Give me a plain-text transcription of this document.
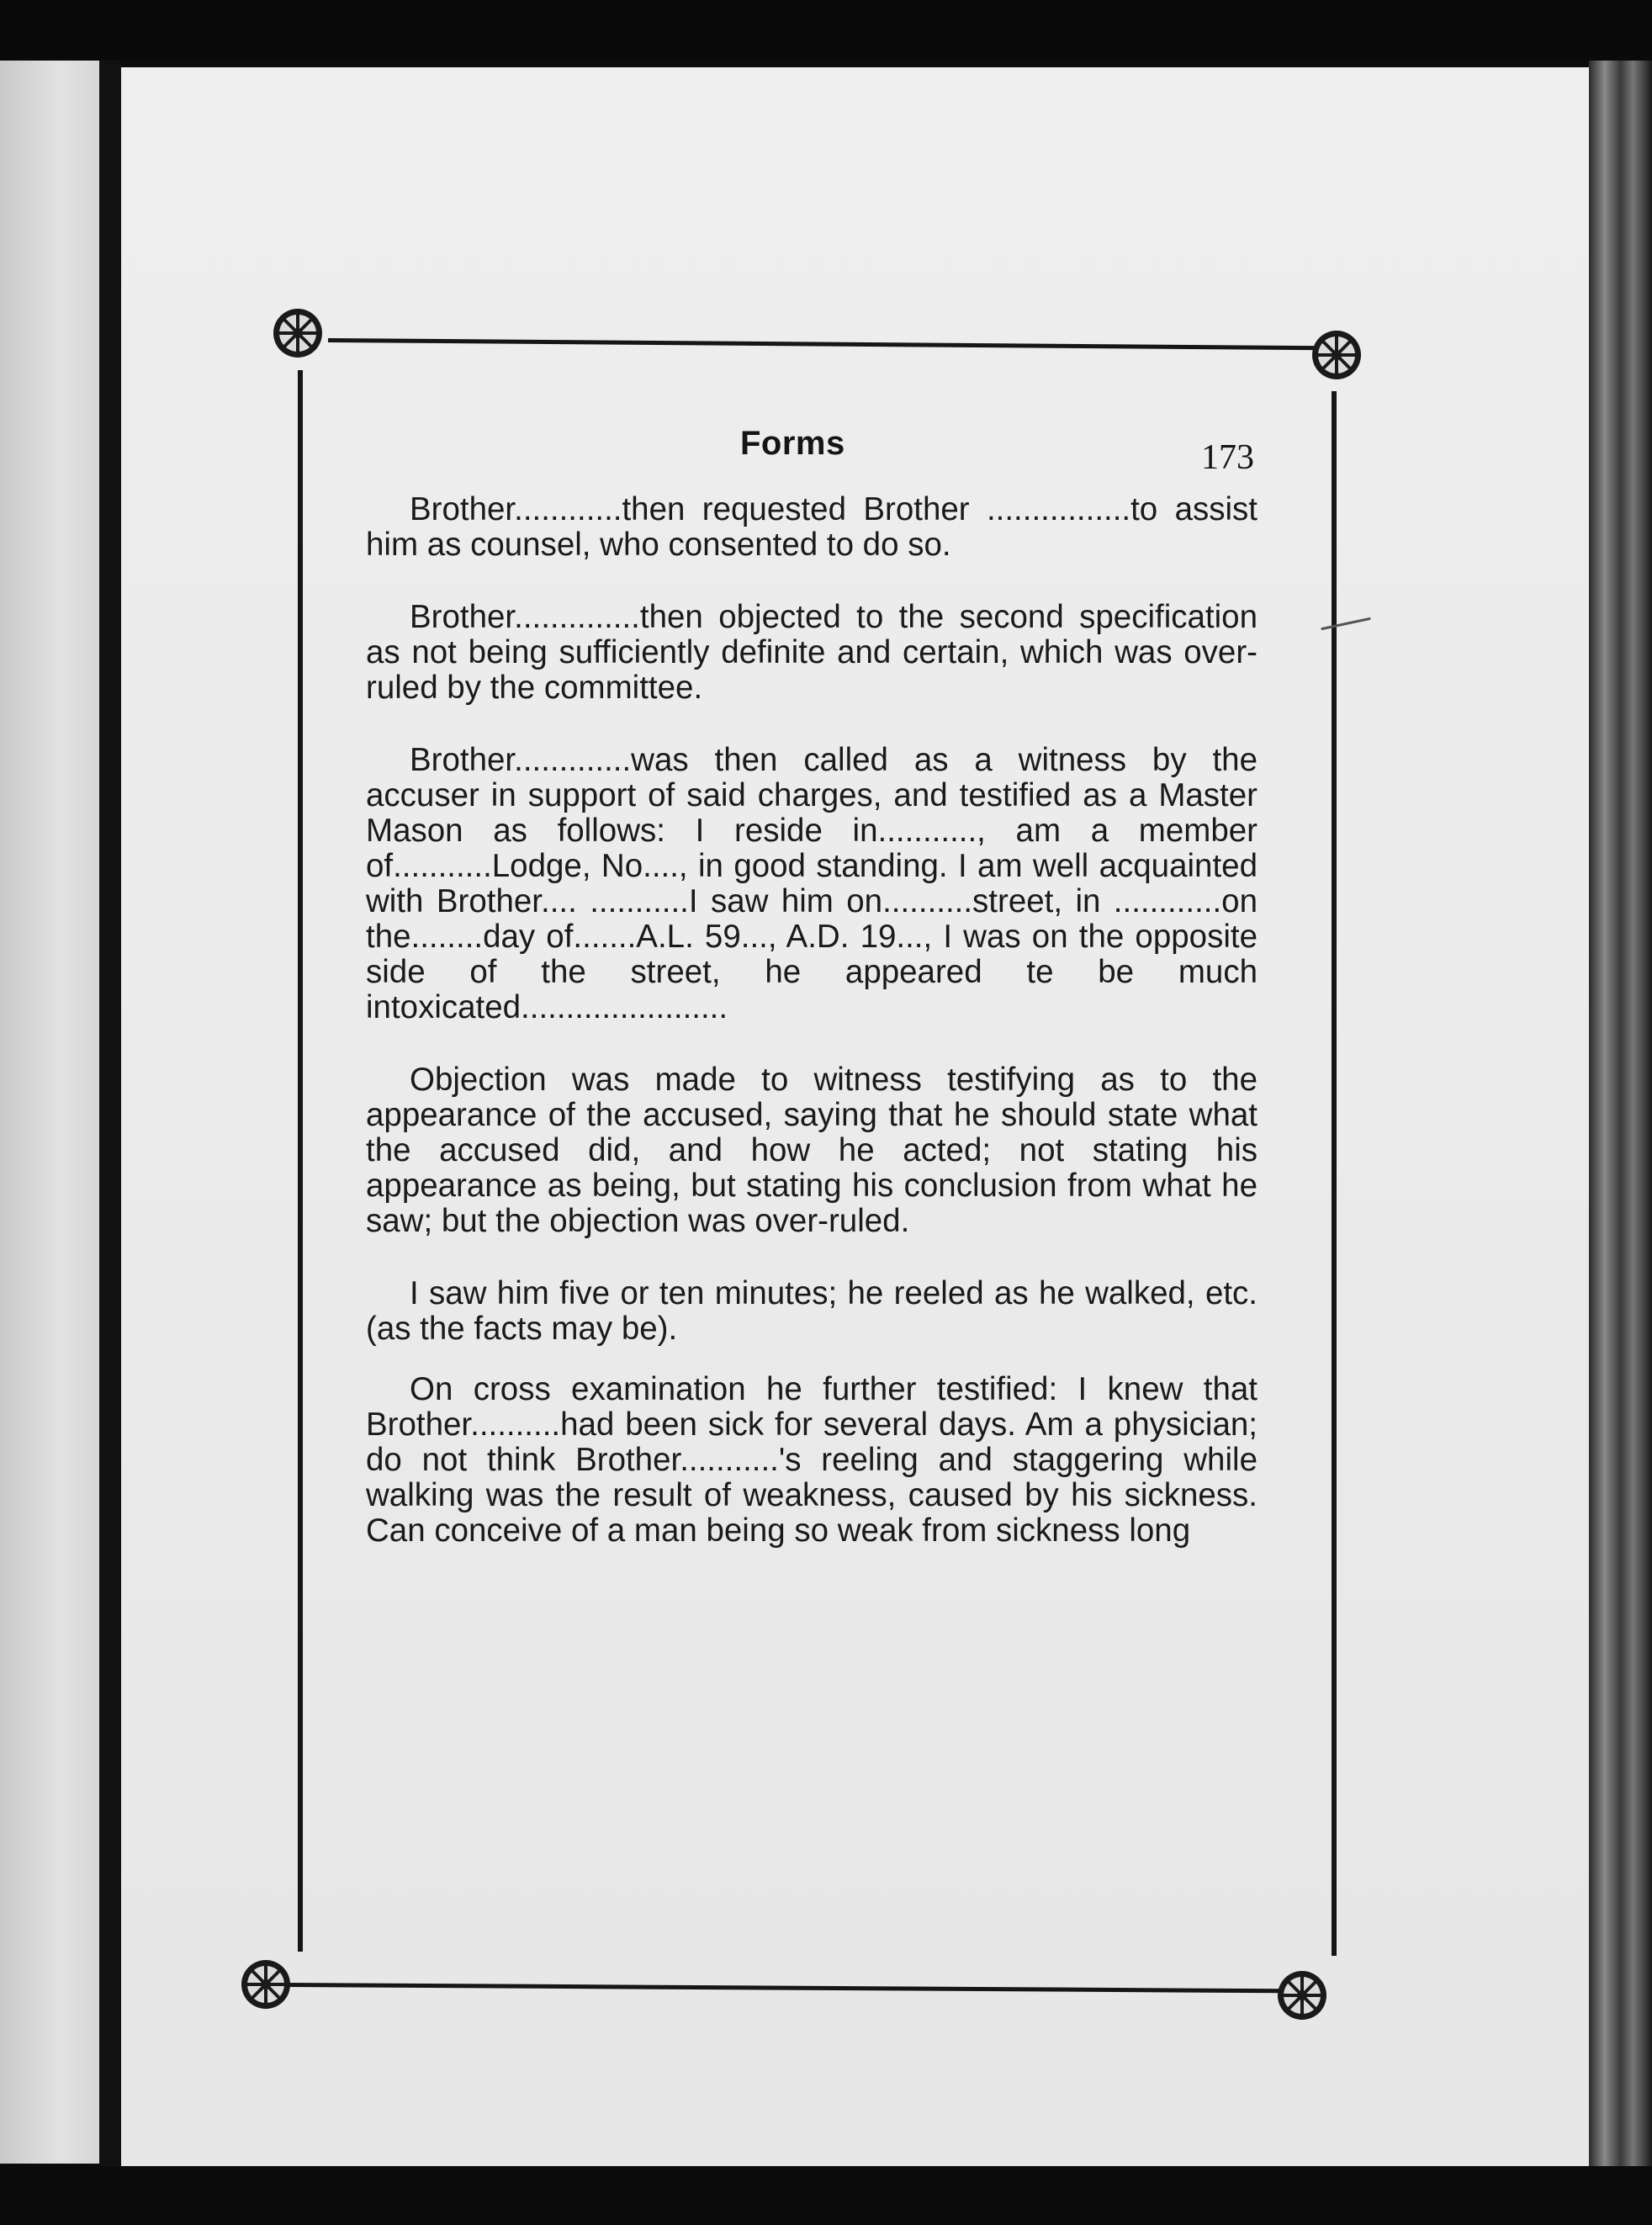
Forms	173

Brother............then requested Brother ................to assist him as counsel, who consented to do so.

Brother..............then objected to the second specification as not being sufficiently definite and certain, which was over-ruled by the committee.

Brother.............was then called as a witness by the accuser in support of said charges, and testified as a Master Mason as follows: I reside in..........., am a member of...........Lodge, No...., in good standing. I am well acquainted with Brother.... ...........I saw him on..........street, in ............on the........day of.......A.L. 59..., A.D. 19..., I was on the opposite side of the street, he appeared te be much intoxicated.......................

Objection was made to witness testifying as to the appearance of the accused, saying that he should state what the accused did, and how he acted; not stating his appearance as being, but stating his conclusion from what he saw; but the objection was over-ruled.

I saw him five or ten minutes; he reeled as he walked, etc. (as the facts may be).

On cross examination he further testified: I knew that Brother..........had been sick for several days. Am a physician; do not think Brother...........'s reeling and staggering while walking was the result of weakness, caused by his sickness. Can conceive of a man being so weak from sickness long
